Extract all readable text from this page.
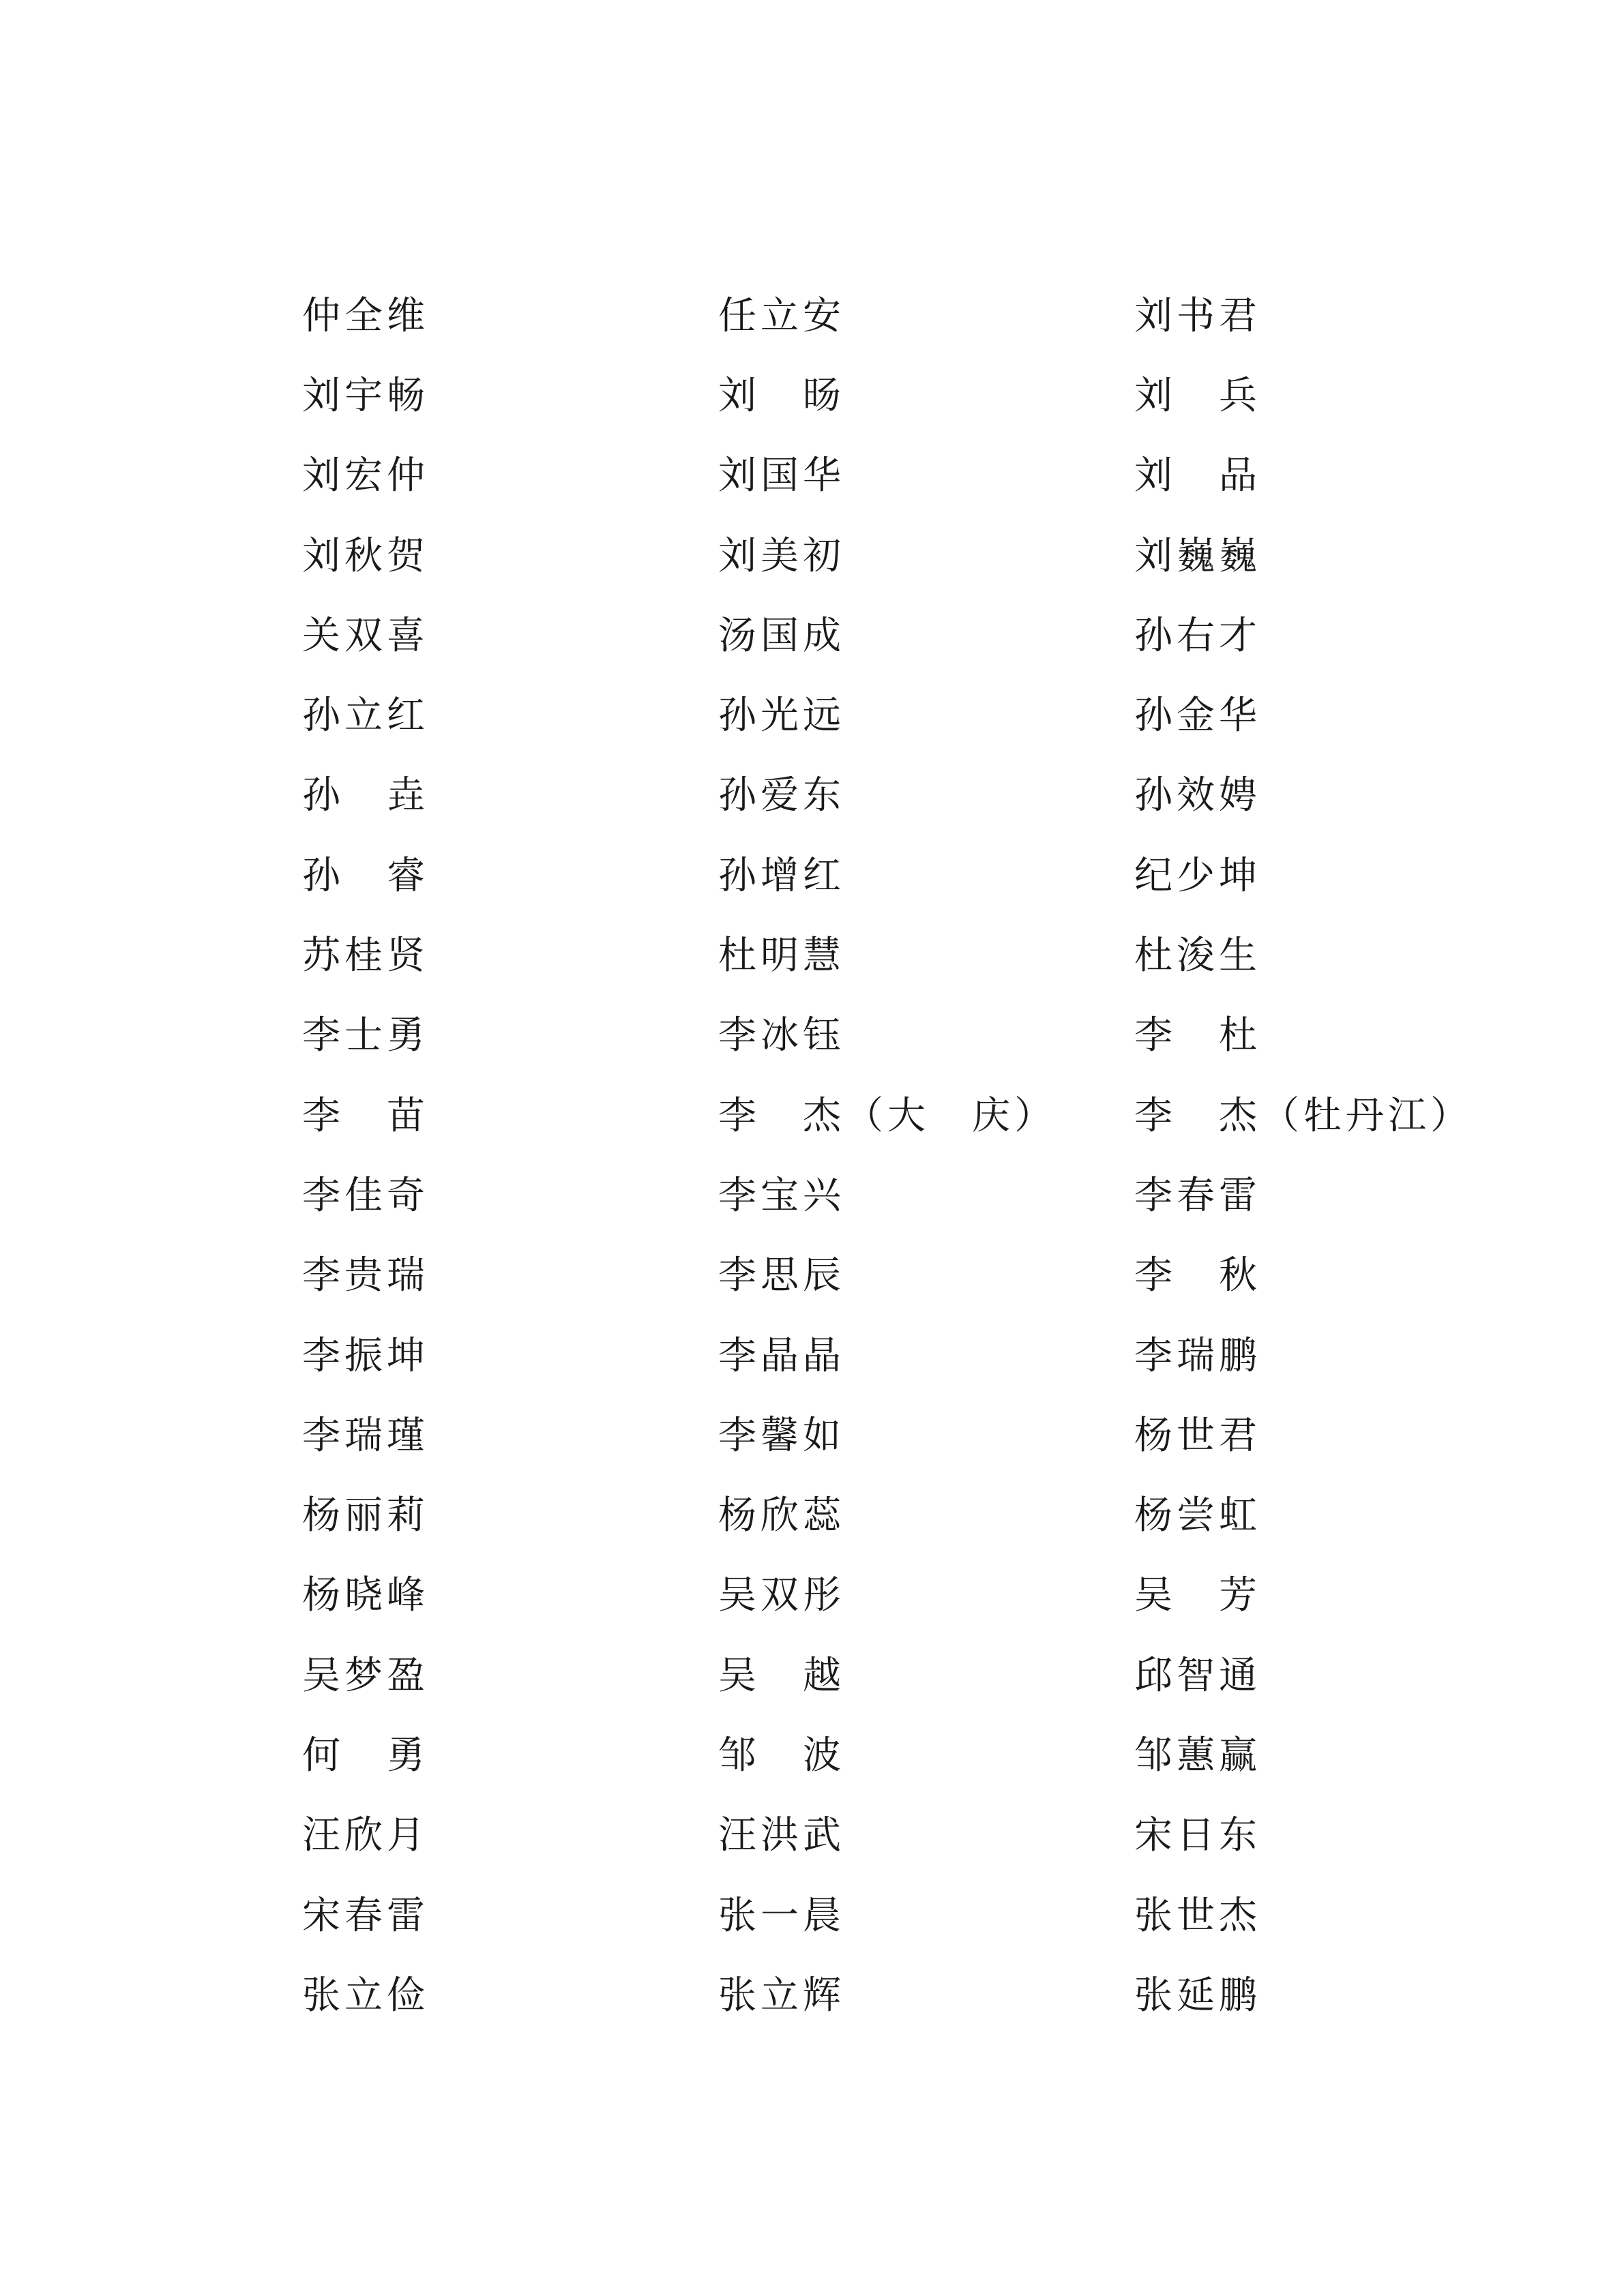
仲全维	任立安	刘书君
刘宇畅	刘　旸	刘　兵
刘宏仲	刘国华	刘　品
刘秋贺	刘美初	刘巍巍
关双喜	汤国成	孙右才
孙立红	孙光远	孙金华
孙　垚	孙爱东	孙效娉
孙　睿	孙增红	纪少坤
苏桂贤	杜明慧	杜浚生
李士勇	李冰钰	李　杜
李　苗	李　杰（大　庆）	李　杰（牡丹江）
李佳奇	李宝兴	李春雷
李贵瑞	李思辰	李　秋
李振坤	李晶晶	李瑞鹏
李瑞瑾	李馨如	杨世君
杨丽莉	杨欣蕊	杨尝虹
杨晓峰	吴双彤	吴　芳
吴梦盈	吴　越	邱智通
何　勇	邹　波	邹蕙赢
汪欣月	汪洪武	宋日东
宋春雷	张一晨	张世杰
张立俭	张立辉	张延鹏
